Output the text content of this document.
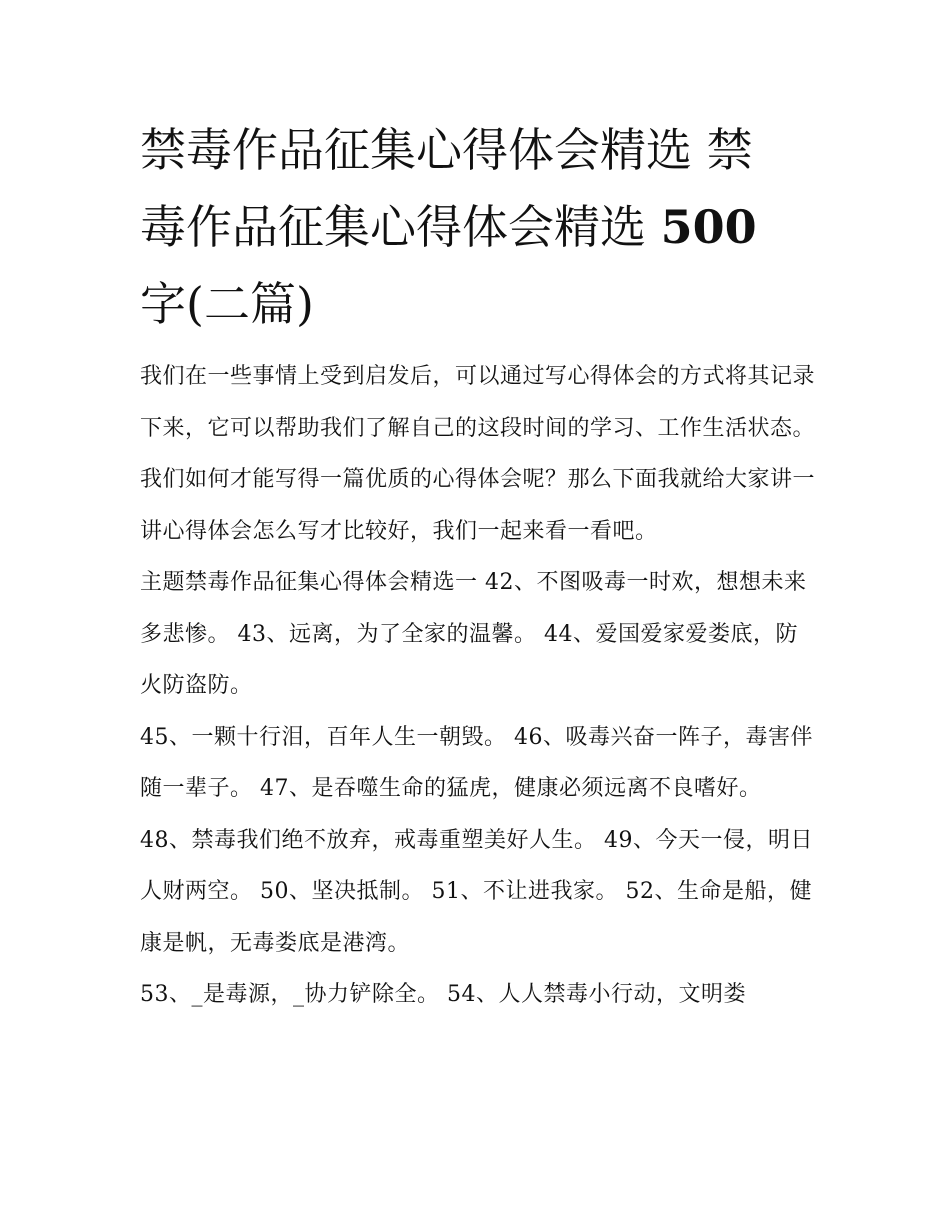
禁毒作品征集心得体会精选 禁
毒作品征集心得体会精选 500
字(二篇)

我们在一些事情上受到启发后，可以通过写心得体会的方式将其记录下来，它可以帮助我们了解自己的这段时间的学习、工作生活状态。我们如何才能写得一篇优质的心得体会呢？那么下面我就给大家讲一讲心得体会怎么写才比较好，我们一起来看一看吧。

主题禁毒作品征集心得体会精选一 42、不图吸毒一时欢，想想未来多悲惨。 43、远离，为了全家的温馨。 44、爱国爱家爱娄底，防火防盗防。

45、一颗十行泪，百年人生一朝毁。 46、吸毒兴奋一阵子，毒害伴随一辈子。 47、是吞噬生命的猛虎，健康必须远离不良嗜好。

48、禁毒我们绝不放弃，戒毒重塑美好人生。 49、今天一侵，明日人财两空。 50、坚决抵制。 51、不让进我家。 52、生命是船，健康是帆，无毒娄底是港湾。

53、_是毒源，_协力铲除全。 54、人人禁毒小行动，文明娄
